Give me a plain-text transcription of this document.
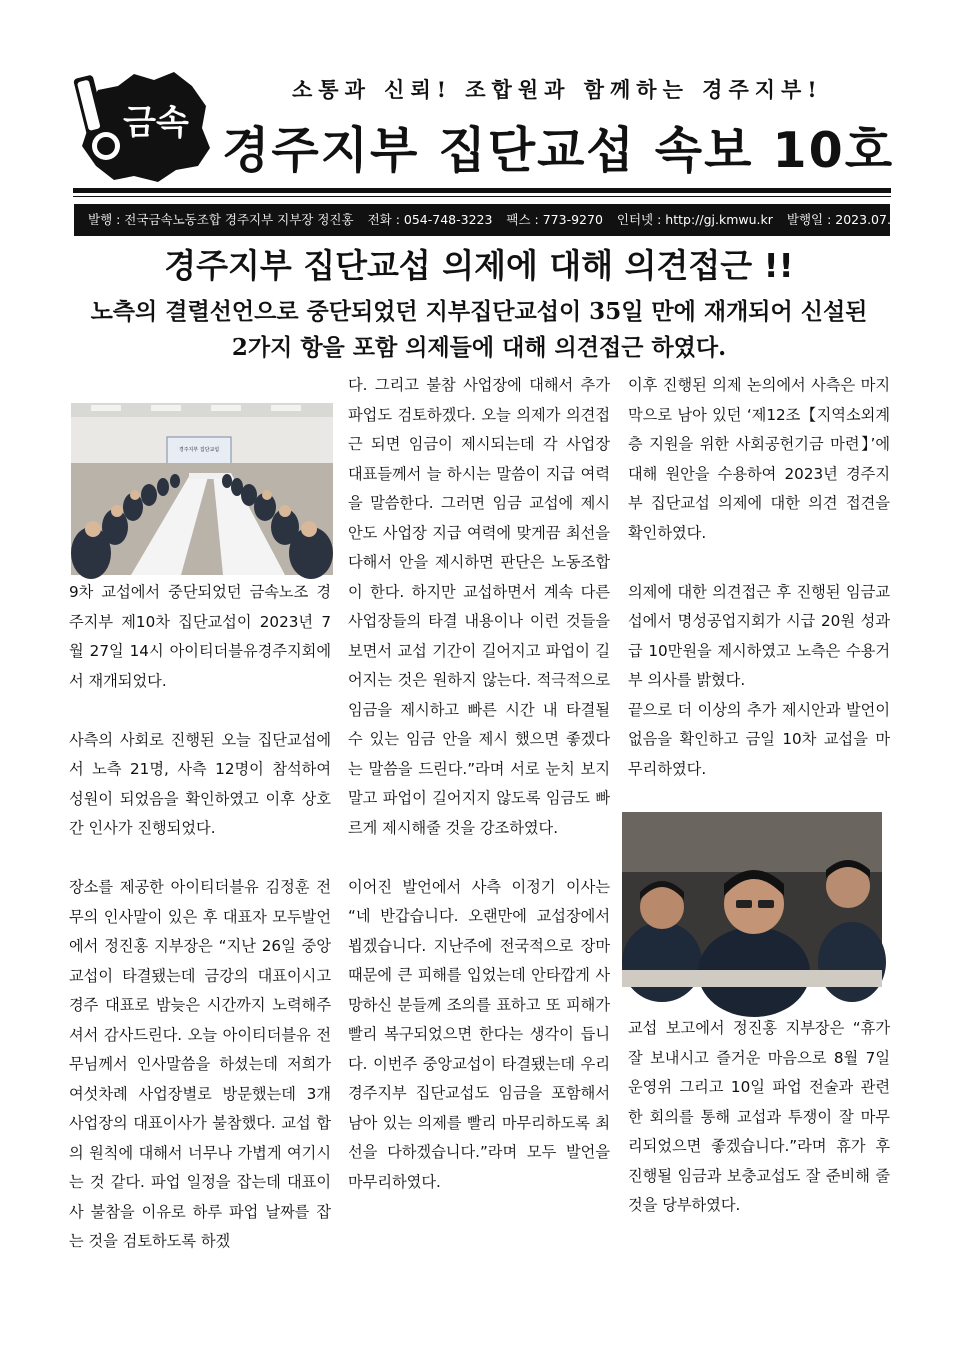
금속
소통과 신뢰! 조합원과 함께하는 경주지부!
경주지부 집단교섭 속보 10호
발행 : 전국금속노동조합 경주지부 지부장 정진홍 전화 : 054-748-3223 팩스 : 773-9270 인터넷 : http://gj.kmwu.kr 발행일 : 2023.07.27(목)
경주지부 집단교섭 의제에 대해 의견접근 !!
노측의 결렬선언으로 중단되었던 지부집단교섭이 35일 만에 재개되어 신설된
2가지 항을 포함 의제들에 대해 의견접근 하였다.
경주지부 집단교섭

9차 교섭에서 중단되었던 금속노조 경주지부 제10차 집단교섭이 2023년 7월 27일 14시 아이티더블유경주지회에서 재개되었다.

사측의 사회로 진행된 오늘 집단교섭에서 노측 21명, 사측 12명이 참석하여 성원이 되었음을 확인하였고 이후 상호간 인사가 진행되었다.

장소를 제공한 아이티더블유 김정훈 전무의 인사말이 있은 후 대표자 모두발언에서 정진홍 지부장은 “지난 26일 중앙교섭이 타결됐는데 금강의 대표이시고 경주 대표로 밤늦은 시간까지 노력해주셔서 감사드린다. 오늘 아이티더블유 전무님께서 인사말씀을 하셨는데 저희가 여섯차례 사업장별로 방문했는데 3개 사업장의 대표이사가 불참했다. 교섭 합의 원칙에 대해서 너무나 가볍게 여기시는 것 같다. 파업 일정을 잡는데 대표이사 불참을 이유로 하루 파업 날짜를 잡는 것을 검토하도록 하겠

다. 그리고 불참 사업장에 대해서 추가 파업도 검토하겠다. 오늘 의제가 의견접근 되면 임금이 제시되는데 각 사업장 대표들께서 늘 하시는 말씀이 지급 여력을 말씀한다. 그러면 임금 교섭에 제시안도 사업장 지급 여력에 맞게끔 최선을 다해서 안을 제시하면 판단은 노동조합이 한다. 하지만 교섭하면서 계속 다른 사업장들의 타결 내용이나 이런 것들을 보면서 교섭 기간이 길어지고 파업이 길어지는 것은 원하지 않는다. 적극적으로 임금을 제시하고 빠른 시간 내 타결될 수 있는 임금 안을 제시 했으면 좋겠다는 말씀을 드린다.”라며 서로 눈치 보지 말고 파업이 길어지지 않도록 임금도 빠르게 제시해줄 것을 강조하였다.

이어진 발언에서 사측 이정기 이사는 “네 반갑습니다. 오랜만에 교섭장에서 뵙겠습니다. 지난주에 전국적으로 장마 때문에 큰 피해를 입었는데 안타깝게 사망하신 분들께 조의를 표하고 또 피해가 빨리 복구되었으면 한다는 생각이 듭니다. 이번주 중앙교섭이 타결됐는데 우리 경주지부 집단교섭도 임금을 포함해서 남아 있는 의제를 빨리 마무리하도록 최선을 다하겠습니다.”라며 모두 발언을 마무리하였다.

이후 진행된 의제 논의에서 사측은 마지막으로 남아 있던 ‘제12조【지역소외계층 지원을 위한 사회공헌기금 마련】’에 대해 원안을 수용하여 2023년 경주지부 집단교섭 의제에 대한 의견 접견을 확인하였다.

의제에 대한 의견접근 후 진행된 임금교섭에서 명성공업지회가 시급 20원 성과급 10만원을 제시하였고 노측은 수용거부 의사를 밝혔다.

끝으로 더 이상의 추가 제시안과 발언이 없음을 확인하고 금일 10차 교섭을 마무리하였다.

교섭 보고에서 정진홍 지부장은 “휴가 잘 보내시고 즐거운 마음으로 8월 7일 운영위 그리고 10일 파업 전술과 관련한 회의를 통해 교섭과 투쟁이 잘 마무리되었으면 좋겠습니다.”라며 휴가 후 진행될 임금과 보충교섭도 잘 준비해 줄 것을 당부하였다.
